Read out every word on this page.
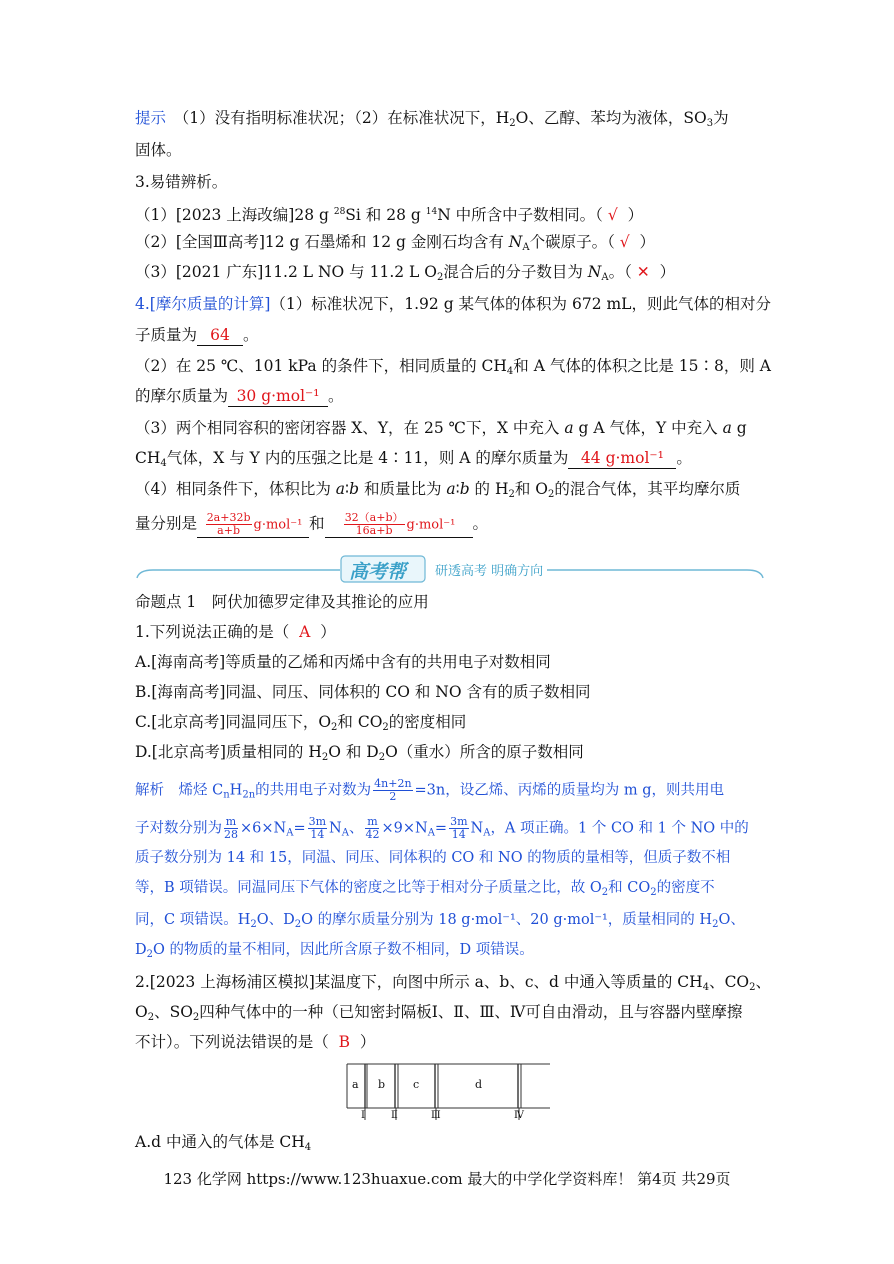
提示　 （1）没有指明标准状况；（2）在标准状况下，$H_2O$、乙醇、苯均为液体，$SO_3$为
固体。
3.易错辨析。
（1）[2023 上海改编]28 g $^{28}$Si 和 28 g $^{14}$N 中所含中子数相同。（ √ ）
（2）[全国Ⅲ高考]12 g 石墨烯和 12 g 金刚石均含有 $N_A$个碳原子。（ √ ）
（3）[2021 广东]11.2 L NO 与 11.2 L $O_2$混合后的分子数目为 $N_A$。（ ✕ ）
4.[摩尔质量的计算]（1）标准状况下，1.92 g 某气体的体积为 672 mL，则此气体的相对分
子质量为 64 。
（2）在 25 ℃、101 kPa 的条件下，相同质量的 $CH_4$和 A 气体的体积之比是 15∶8，则 A
的摩尔质量为 30 g·mol⁻¹ 。
（3）两个相同容积的密闭容器 X、Y，在 25 ℃下，X 中充入 a g A 气体，Y 中充入 a g
$CH_4$气体，X 与 Y 内的压强之比是 4∶11，则 A 的摩尔质量为 44 g·mol⁻¹ 。
（4）相同条件下，体积比为 a∶b 和质量比为 a∶b 的 $H_2$和 $O_2$的混合气体，其平均摩尔质
量分别是 $\frac{2a+32b}{a+b} g\cdot mol^{-1}$ 和 $\frac{32(a+b)}{16a+b} g\cdot mol^{-1}$ 。
高考帮	研透高考 明确方向
命题点 1　阿伏加德罗定律及其推论的应用
1.下列说法正确的是（ A ）
A.[海南高考]等质量的乙烯和丙烯中含有的共用电子对数相同
B.[海南高考]同温、同压、同体积的 CO 和 NO 含有的质子数相同
C.[北京高考]同温同压下，$O_2$和 $CO_2$的密度相同
D.[北京高考]质量相同的 $H_2O$ 和 $D_2O$（重水）所含的原子数相同
解析　 烯烃 $C_nH_{2n}$的共用电子对数为 $\frac{4n+2n}{2} =3n$，设乙烯、丙烯的质量均为 m g，则共用电
子对数分别为 $\frac{m}{28} \times 6\times N_A= \frac{3m}{14} N_A$、 $\frac{m}{42} \times 9\times N_A= \frac{3m}{14} N_A$，A 项正确。1 个 CO 和 1 个 NO 中的
质子数分别为 14 和 15，同温、同压、同体积的 CO 和 NO 的物质的量相等，但质子数不相
等，B 项错误。同温同压下气体的密度之比等于相对分子质量之比，故 $O_2$和 $CO_2$的密度不
同，C 项错误。$H_2O$、$D_2O$ 的摩尔质量分别为 18 g·mol⁻¹、20 g·mol⁻¹，质量相同的 $H_2O$、
$D_2O$ 的物质的量不相同，因此所含原子数不相同，D 项错误。
2.[2023 上海杨浦区模拟]某温度下，向图中所示 a、b、c、d 中通入等质量的 $CH_4$、$CO_2$、
$O_2$、$SO_2$四种气体中的一种（已知密封隔板Ⅰ、Ⅱ、Ⅲ、Ⅳ可自由滑动，且与容器内壁摩擦
不计）。下列说法错误的是（ B ）
a b	c	d
Ⅰ	Ⅱ	Ⅲ	Ⅳ
A.d 中通入的气体是 $CH_4$
123 化学网 https://www.123huaxue.com 最大的中学化学资料库！ 第4页 共29页
